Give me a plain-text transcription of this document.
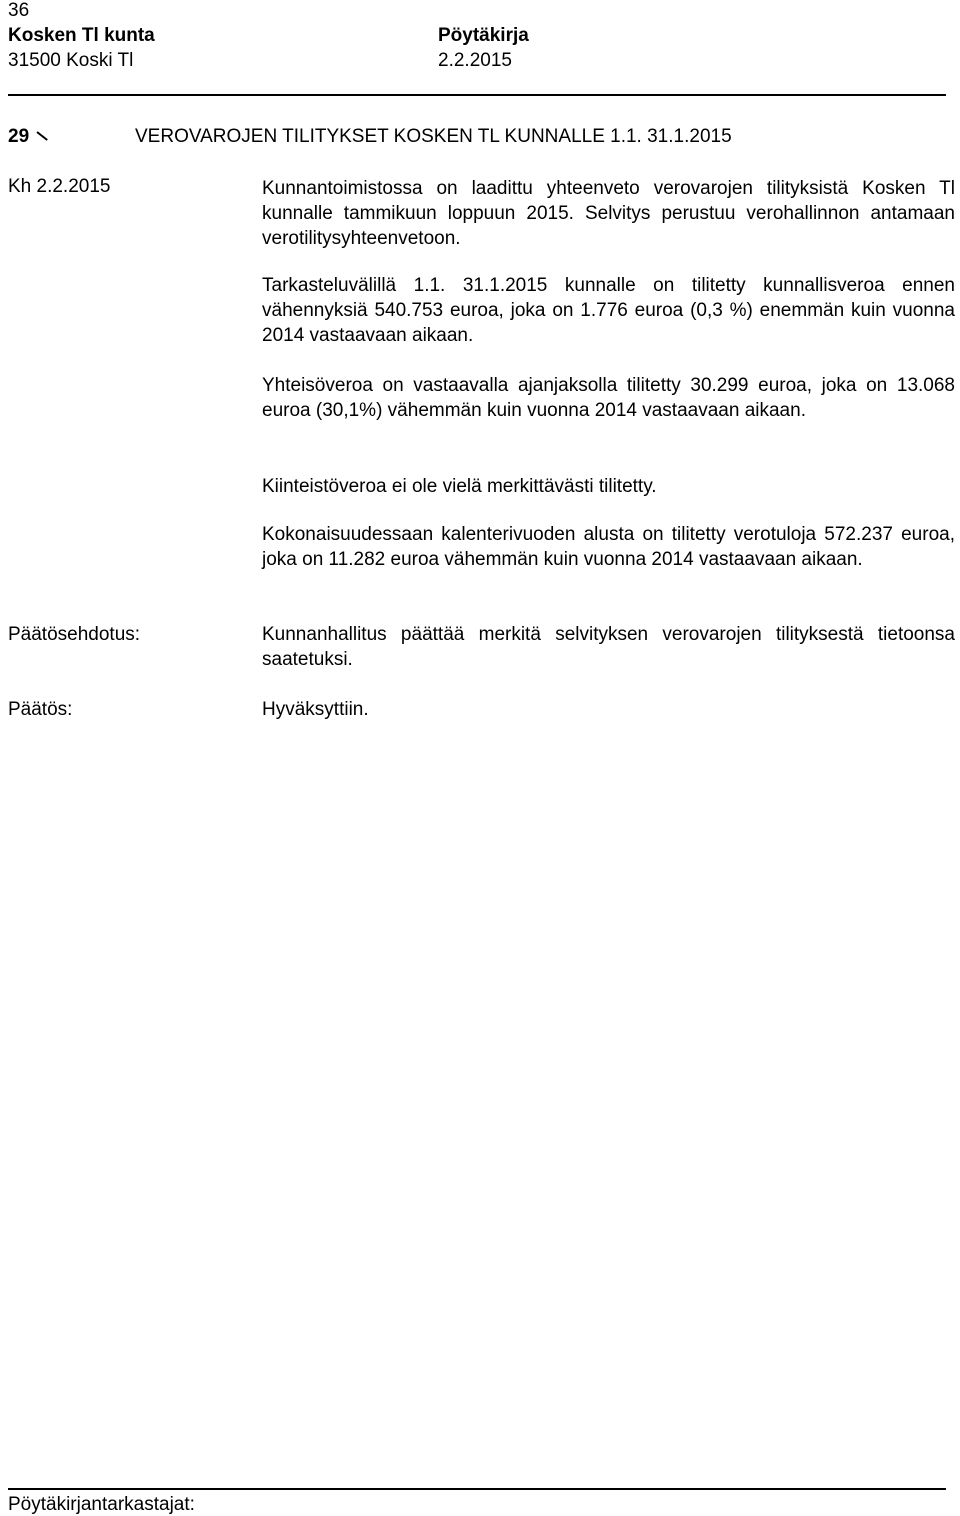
36
Kosken Tl kunta
31500 Koski Tl
Pöytäkirja
2.2.2015
29	VEROVAROJEN TILITYKSET KOSKEN TL KUNNALLE 1.1. 31.1.2015
Kh 2.2.2015	Kunnantoimistossa on laadittu yhteenveto verovarojen tilityksistä Kosken Tl kunnalle tammikuun loppuun 2015. Selvitys perustuu verohallinnon antamaan verotilitysyhteenvetoon.
Tarkasteluvälillä 1.1. 31.1.2015 kunnalle on tilitetty kunnallisveroa ennen vähennyksiä 540.753 euroa, joka on 1.776 euroa (0,3 %) enemmän kuin vuonna 2014 vastaavaan aikaan.
Yhteisöveroa on vastaavalla ajanjaksolla tilitetty 30.299 euroa, joka on 13.068 euroa (30,1%) vähemmän kuin vuonna 2014 vastaavaan aikaan.
Kiinteistöveroa ei ole vielä merkittävästi tilitetty.
Kokonaisuudessaan kalenterivuoden alusta on tilitetty verotuloja 572.237 euroa, joka on 11.282 euroa vähemmän kuin vuonna 2014 vastaavaan aikaan.
Päätösehdotus:	Kunnanhallitus päättää merkitä selvityksen verovarojen tilityksestä tietoonsa saatetuksi.
Päätös:	Hyväksyttiin.
Pöytäkirjantarkastajat:
